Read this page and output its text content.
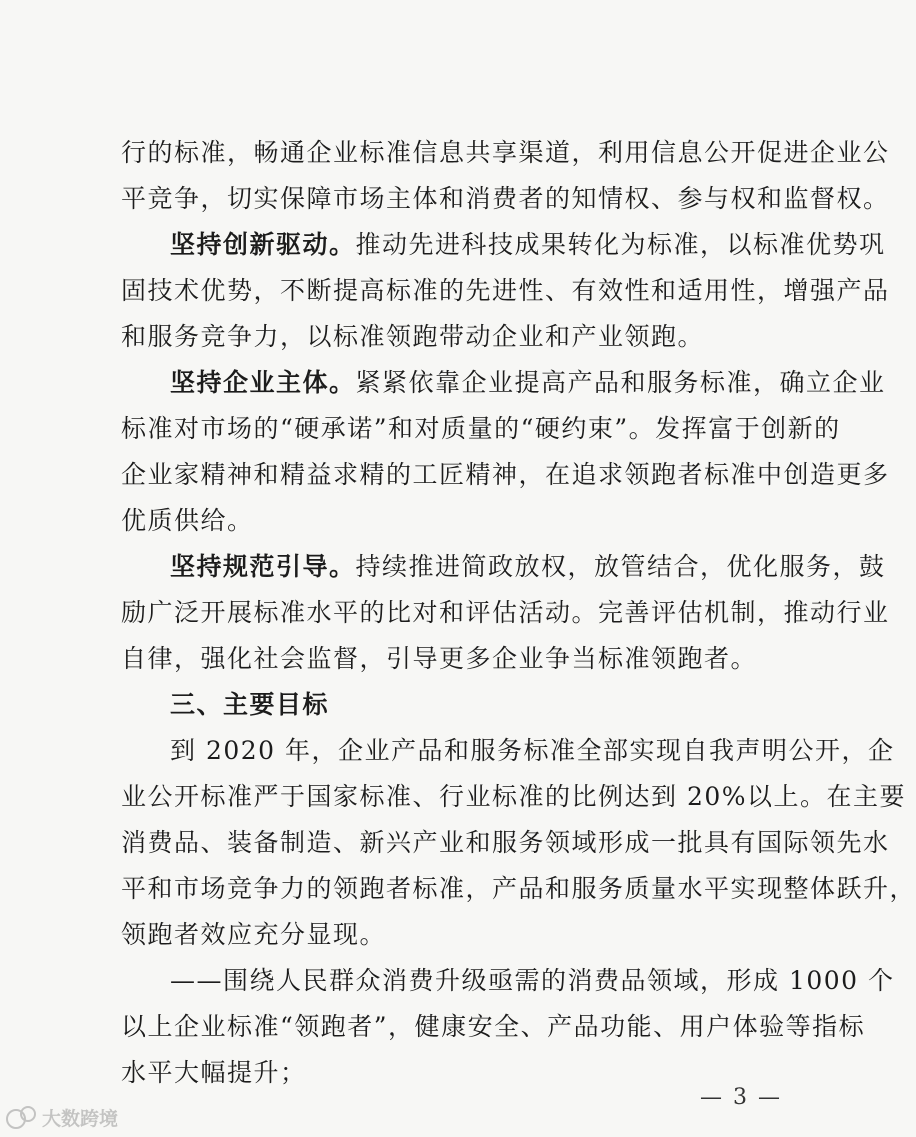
行的标准，畅通企业标准信息共享渠道，利用信息公开促进企业公
平竞争，切实保障市场主体和消费者的知情权、参与权和监督权。
坚持创新驱动。推动先进科技成果转化为标准，以标准优势巩
固技术优势，不断提高标准的先进性、有效性和适用性，增强产品
和服务竞争力，以标准领跑带动企业和产业领跑。
坚持企业主体。紧紧依靠企业提高产品和服务标准，确立企业
标准对市场的“硬承诺”和对质量的“硬约束”。发挥富于创新的
企业家精神和精益求精的工匠精神，在追求领跑者标准中创造更多
优质供给。
坚持规范引导。持续推进简政放权，放管结合，优化服务，鼓
励广泛开展标准水平的比对和评估活动。完善评估机制，推动行业
自律，强化社会监督，引导更多企业争当标准领跑者。
三、主要目标
到 2020 年，企业产品和服务标准全部实现自我声明公开，企
业公开标准严于国家标准、行业标准的比例达到 20%以上。在主要
消费品、装备制造、新兴产业和服务领域形成一批具有国际领先水
平和市场竞争力的领跑者标准，产品和服务质量水平实现整体跃升，
领跑者效应充分显现。
——围绕人民群众消费升级亟需的消费品领域，形成 1000 个
以上企业标准“领跑者”，健康安全、产品功能、用户体验等指标
水平大幅提升；
— 3 —
大数跨境
